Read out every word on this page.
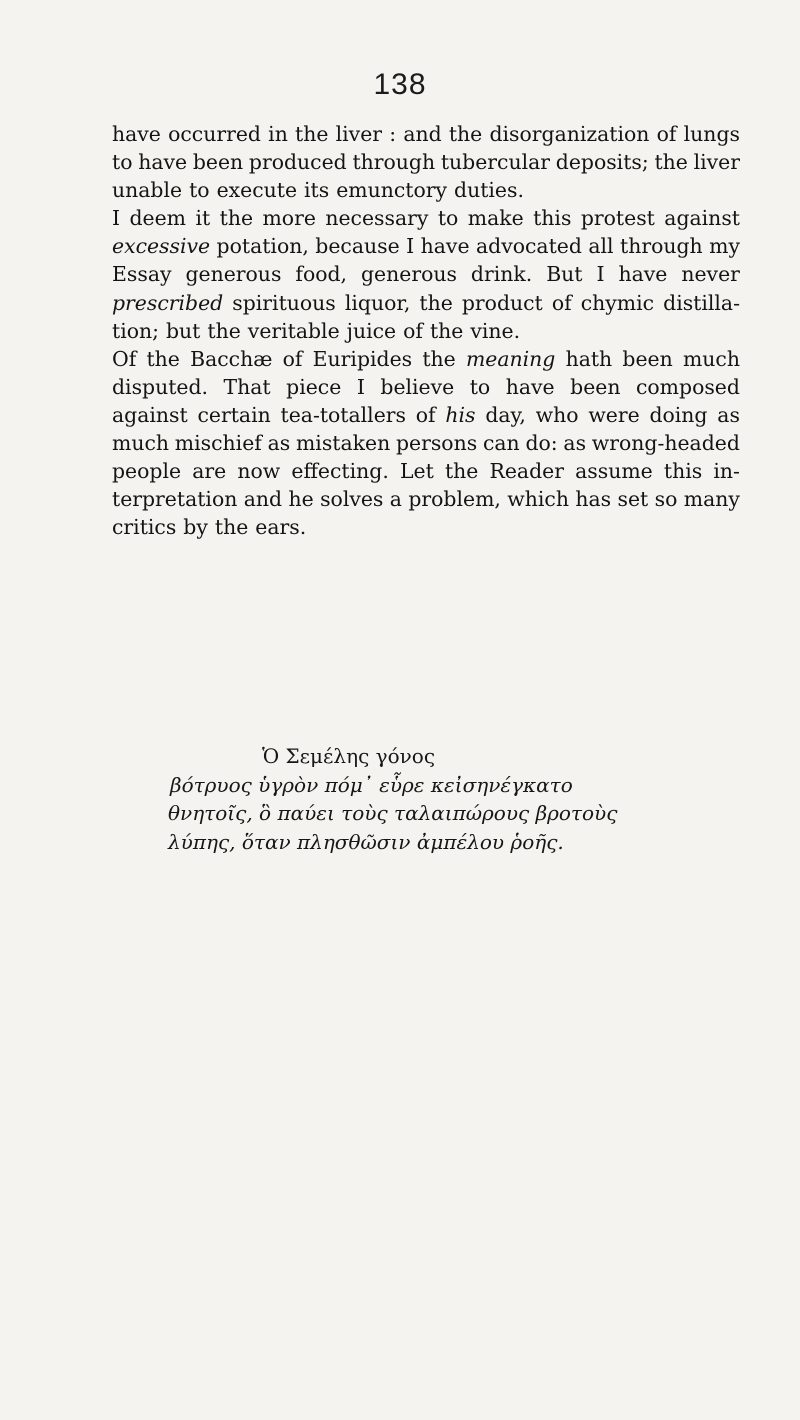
138
have occurred in the liver : and the disorganization of lungs
to have been produced through tubercular deposits; the liver
unable to execute its emunctory duties.
I deem it the more necessary to make this protest against
excessive potation, because I have advocated all through my
Essay generous food, generous drink. But I have never
prescribed spirituous liquor, the product of chymic distilla-
tion; but the veritable juice of the vine.
Of the Bacchæ of Euripides the meaning hath been much
disputed. That piece I believe to have been composed
against certain tea-totallers of his day, who were doing as
much mischief as mistaken persons can do: as wrong-headed
people are now effecting. Let the Reader assume this in-
terpretation and he solves a problem, which has set so many
critics by the ears.
Ὁ Σεμέλης γόνος
βότρυος ὑγρὸν πόμ᾽ εὗρε κεἰσηνέγκατο
θνητοῖς, ὃ παύει τοὺς ταλαιπώρους βροτοὺς
λύπης, ὅταν πλησθῶσιν ἀμπέλου ῥοῆς.
